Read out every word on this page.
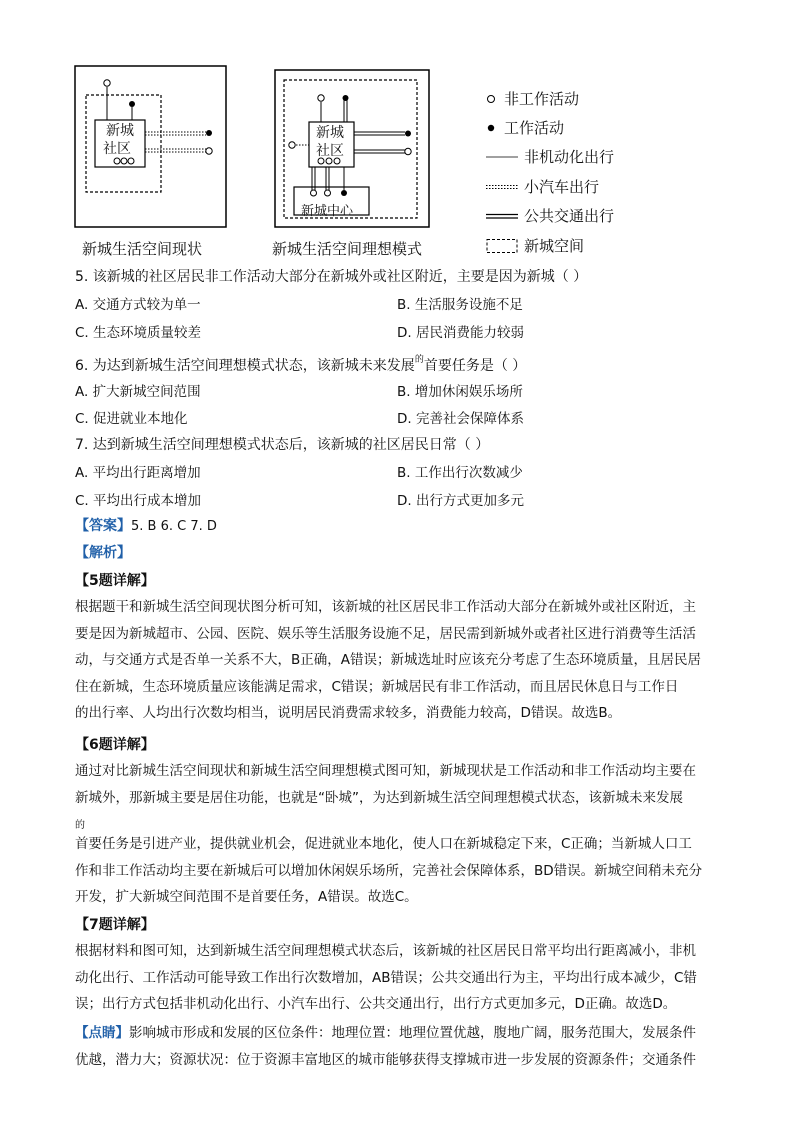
新城
社区
新城
社区
新城中心
新城生活空间现状	新城生活空间理想模式
非工作活动
工作活动
非机动化出行
小汽车出行
公共交通出行
新城空间
5. 该新城的社区居民非工作活动大部分在新城外或社区附近，主要是因为新城（ ）
A. 交通方式较为单一	B. 生活服务设施不足
C. 生态环境质量较差	D. 居民消费能力较弱
6. 为达到新城生活空间理想模式状态，该新城未来发展$^的$首要任务是（ ）
A. 扩大新城空间范围	B. 增加休闲娱乐场所
C. 促进就业本地化	D. 完善社会保障体系
7. 达到新城生活空间理想模式状态后，该新城的社区居民日常（ ）
A. 平均出行距离增加	B. 工作出行次数减少
C. 平均出行成本增加	D. 出行方式更加多元
【答案】5. B 6. C 7. D
【解析】
【5题详解】
根据题干和新城生活空间现状图分析可知，该新城的社区居民非工作活动大部分在新城外或社区附近，主
要是因为新城超市、公园、医院、娱乐等生活服务设施不足，居民需到新城外或者社区进行消费等生活活
动，与交通方式是否单一关系不大，B正确，A错误；新城选址时应该充分考虑了生态环境质量，且居民居
住在新城，生态环境质量应该能满足需求，C错误；新城居民有非工作活动，而且居民休息日与工作日
的出行率、人均出行次数均相当，说明居民消费需求较多，消费能力较高，D错误。故选B。
【6题详解】
通过对比新城生活空间现状和新城生活空间理想模式图可知，新城现状是工作活动和非工作活动均主要在
新城外，那新城主要是居住功能，也就是“卧城”，为达到新城生活空间理想模式状态，该新城未来发展
的
首要任务是引进产业，提供就业机会，促进就业本地化，使人口在新城稳定下来，C正确；当新城人口工
作和非工作活动均主要在新城后可以增加休闲娱乐场所，完善社会保障体系，BD错误。新城空间稍未充分
开发，扩大新城空间范围不是首要任务，A错误。故选C。
【7题详解】
根据材料和图可知，达到新城生活空间理想模式状态后，该新城的社区居民日常平均出行距离减小，非机
动化出行、工作活动可能导致工作出行次数增加，AB错误；公共交通出行为主，平均出行成本减少，C错
误；出行方式包括非机动化出行、小汽车出行、公共交通出行，出行方式更加多元，D正确。故选D。
【点睛】影响城市形成和发展的区位条件：地理位置：地理位置优越，腹地广阔，服务范围大，发展条件
优越，潜力大；资源状况：位于资源丰富地区的城市能够获得支撑城市进一步发展的资源条件；交通条件
